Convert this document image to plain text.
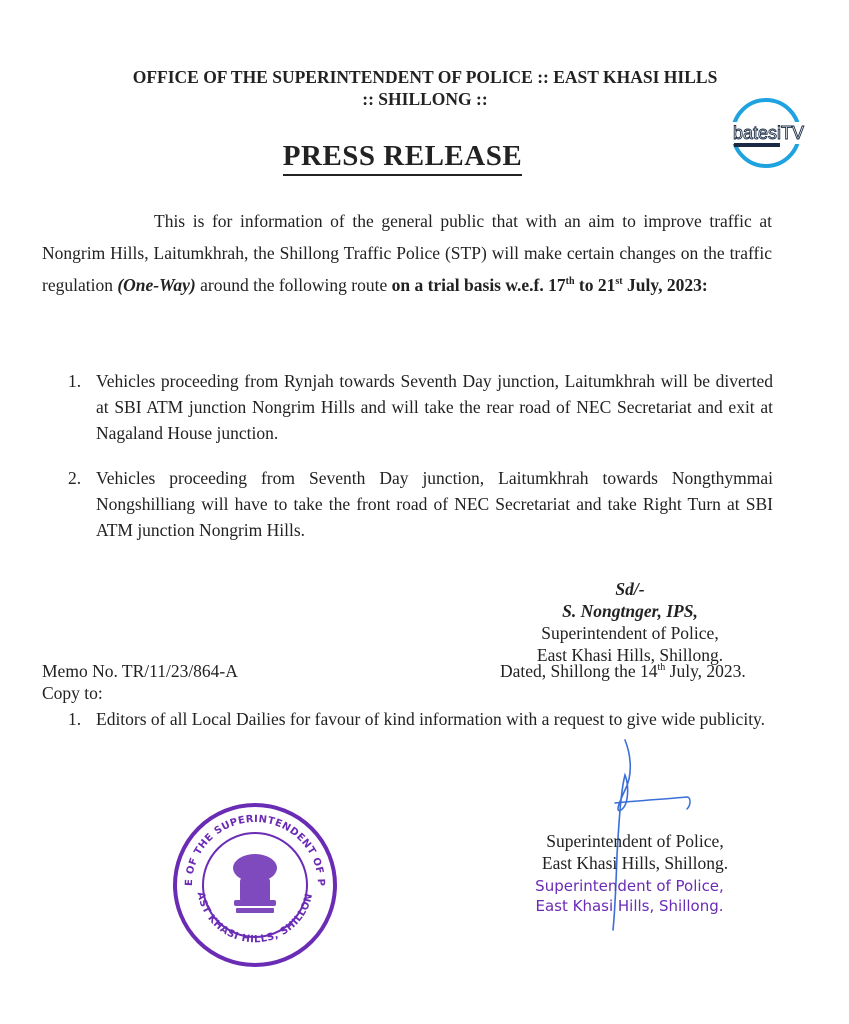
batesiTV
OFFICE OF THE SUPERINTENDENT OF POLICE :: EAST KHASI HILLS
:: SHILLONG ::
PRESS RELEASE
This is for information of the general public that with an aim to improve traffic at Nongrim Hills, Laitumkhrah, the Shillong Traffic Police (STP) will make certain changes on the traffic regulation (One-Way) around the following route on a trial basis w.e.f. 17th to 21st July, 2023:
1. Vehicles proceeding from Rynjah towards Seventh Day junction, Laitumkhrah will be diverted at SBI ATM junction Nongrim Hills and will take the rear road of NEC Secretariat and exit at Nagaland House junction.
2. Vehicles proceeding from Seventh Day junction, Laitumkhrah towards Nongthymmai Nongshilliang will have to take the front road of NEC Secretariat and take Right Turn at SBI ATM junction Nongrim Hills.
Sd/-
S. Nongtnger, IPS,
Superintendent of Police,
East Khasi Hills, Shillong.
Memo No. TR/11/23/864-A	Dated, Shillong the 14th July, 2023.
Copy to:
1. Editors of all Local Dailies for favour of kind information with a request to give wide publicity.
Superintendent of Police,
East Khasi Hills, Shillong.
Superintendent of Police,
East Khasi Hills, Shillong.
E OF THE SUPERINTENDENT OF P
AST KHASI HILLS, SHILLON
